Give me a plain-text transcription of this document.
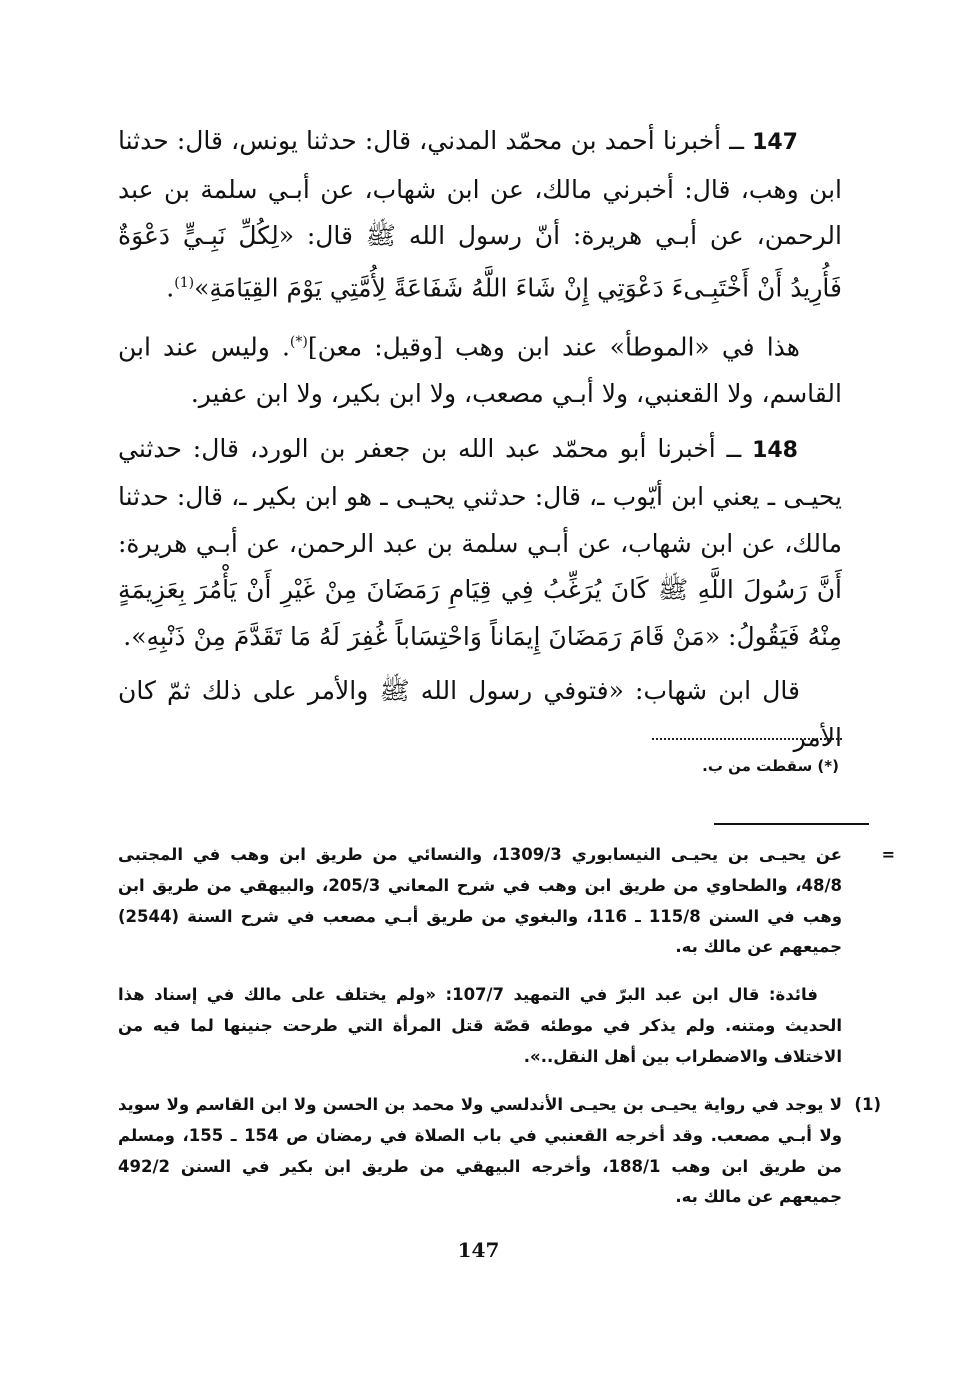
147 ــ أخبرنا أحمد بن محمّد المدني، قال: حدثنا يونس، قال: حدثنا ابن وهب، قال: أخبرني مالك، عن ابن شهاب، عن أبـي سلمة بن عبد الرحمن، عن أبـي هريرة: أنّ رسول الله ﷺ قال: «لِكُلِّ نَبِـيٍّ دَعْوَةٌ فَأُرِيدُ أَنْ أَخْتَبِـىءَ دَعْوَتِي إِنْ شَاءَ اللَّهُ شَفَاعَةً لِأُمَّتِي يَوْمَ القِيَامَةِ»$^{(1)}$.

هذا في «الموطأ» عند ابن وهب [وقيل: معن](*). وليس عند ابن القاسم، ولا القعنبي، ولا أبـي مصعب، ولا ابن بكير، ولا ابن عفير.

148 ــ أخبرنا أبو محمّد عبد الله بن جعفر بن الورد، قال: حدثني يحيـى ـ يعني ابن أيّوب ـ، قال: حدثني يحيـى ـ هو ابن بكير ـ، قال: حدثنا مالك، عن ابن شهاب، عن أبـي سلمة بن عبد الرحمن، عن أبـي هريرة: أَنَّ رَسُولَ اللَّهِ ﷺ كَانَ يُرَغِّبُ فِي قِيَامِ رَمَضَانَ مِنْ غَيْرِ أَنْ يَأْمُرَ بِعَزِيمَةٍ مِنْهُ فَيَقُولُ: «مَنْ قَامَ رَمَضَانَ إِيمَاناً وَاحْتِسَاباً غُفِرَ لَهُ مَا تَقَدَّمَ مِنْ ذَنْبِهِ».

قال ابن شهاب: «فتوفي رسول الله ﷺ والأمر على ذلك ثمّ كان الأمر

(*) سقطت من ب.
=
عن يحيـى بن يحيـى النيسابوري 1309/3، والنسائي من طريق ابن وهب في المجتبى 48/8، والطحاوي من طريق ابن وهب في شرح المعاني 205/3، والبيهقي من طريق ابن وهب في السنن 115/8 ـ 116، والبغوي من طريق أبـي مصعب في شرح السنة (2544) جميعهم عن مالك به.
فائدة: قال ابن عبد البرّ في التمهيد 107/7: «ولم يختلف على مالك في إسناد هذا الحديث ومتنه. ولم يذكر في موطئه قصّة قتل المرأة التي طرحت جنينها لما فيه من الاختلاف والاضطراب بين أهل النقل..».
(1)
لا يوجد في رواية يحيـى بن يحيـى الأندلسي ولا محمد بن الحسن ولا ابن القاسم ولا سويد ولا أبـي مصعب. وقد أخرجه القعنبي في باب الصلاة في رمضان ص 154 ـ 155، ومسلم من طريق ابن وهب 188/1، وأخرجه البيهقي من طريق ابن بكير في السنن 492/2 جميعهم عن مالك به.
147
